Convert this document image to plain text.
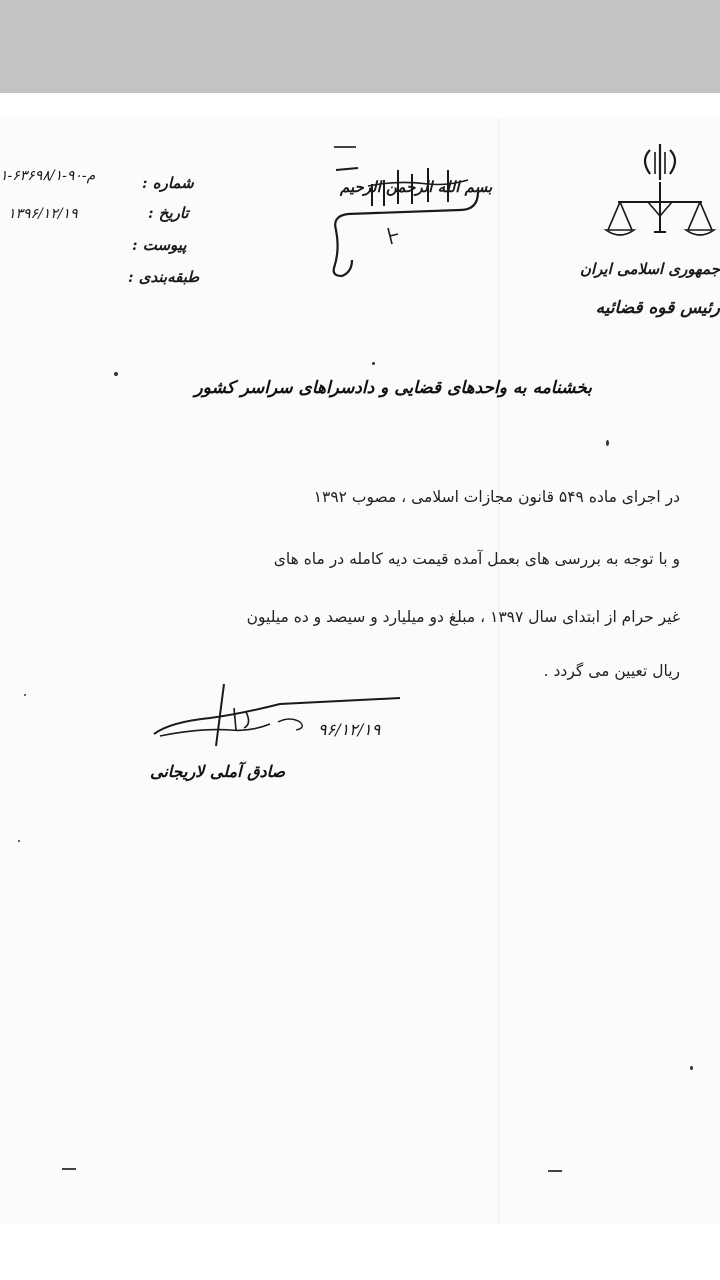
شماره :
۱-۶۳۶۹۸/۱-م-۹۰
تاریخ :
۱۳۹۶/۱۲/۱۹
پیوست :
طبقه‌بندی :
بسم الله الرحمن الرحیم
جمهوری اسلامی ایران
رئیس قوه قضائیه
بخشنامه به واحدهای قضایی و دادسراهای سراسر کشور
در اجرای ماده ۵۴۹ قانون مجازات اسلامی ، مصوب ۱۳۹۲
و با توجه به بررسی های بعمل آمده قیمت دیه کامله در ماه های
غیر حرام از ابتدای سال ۱۳۹۷ ، مبلغ دو میلیارد و سیصد و ده میلیون
ریال تعیین می گردد .
۹۶/۱۲/۱۹
صادق آملی لاریجانی
